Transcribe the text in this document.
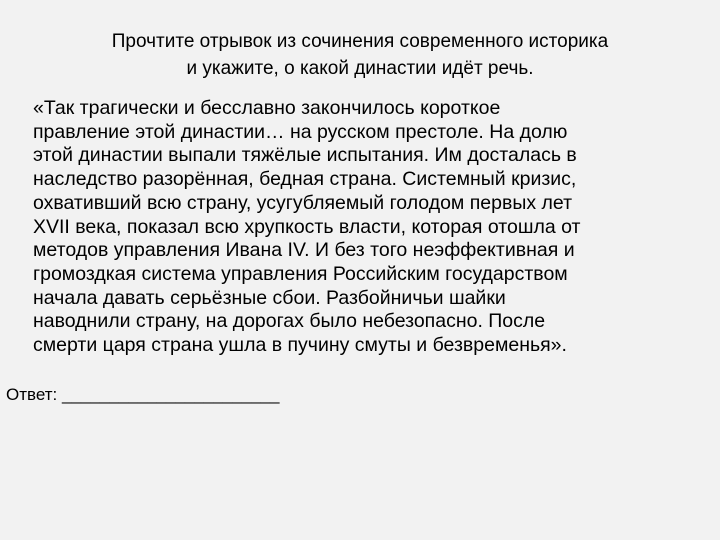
Прочтите отрывок из сочинения современного историка
и укажите, о какой династии идёт речь.
«Так трагически и бесславно закончилось короткое
правление этой династии… на русском престоле. На долю
этой династии выпали тяжёлые испытания. Им досталась в
наследство разорённая, бедная страна. Системный кризис,
охвативший всю страну, усугубляемый голодом первых лет
XVII века, показал всю хрупкость власти, которая отошла от
методов управления Ивана IV. И без того неэффективная и
громоздкая система управления Российским государством
начала давать серьёзные сбои. Разбойничьи шайки
наводнили страну, на дорогах было небезопасно. После
смерти царя страна ушла в пучину смуты и безвременья».
Ответ: _______________________
